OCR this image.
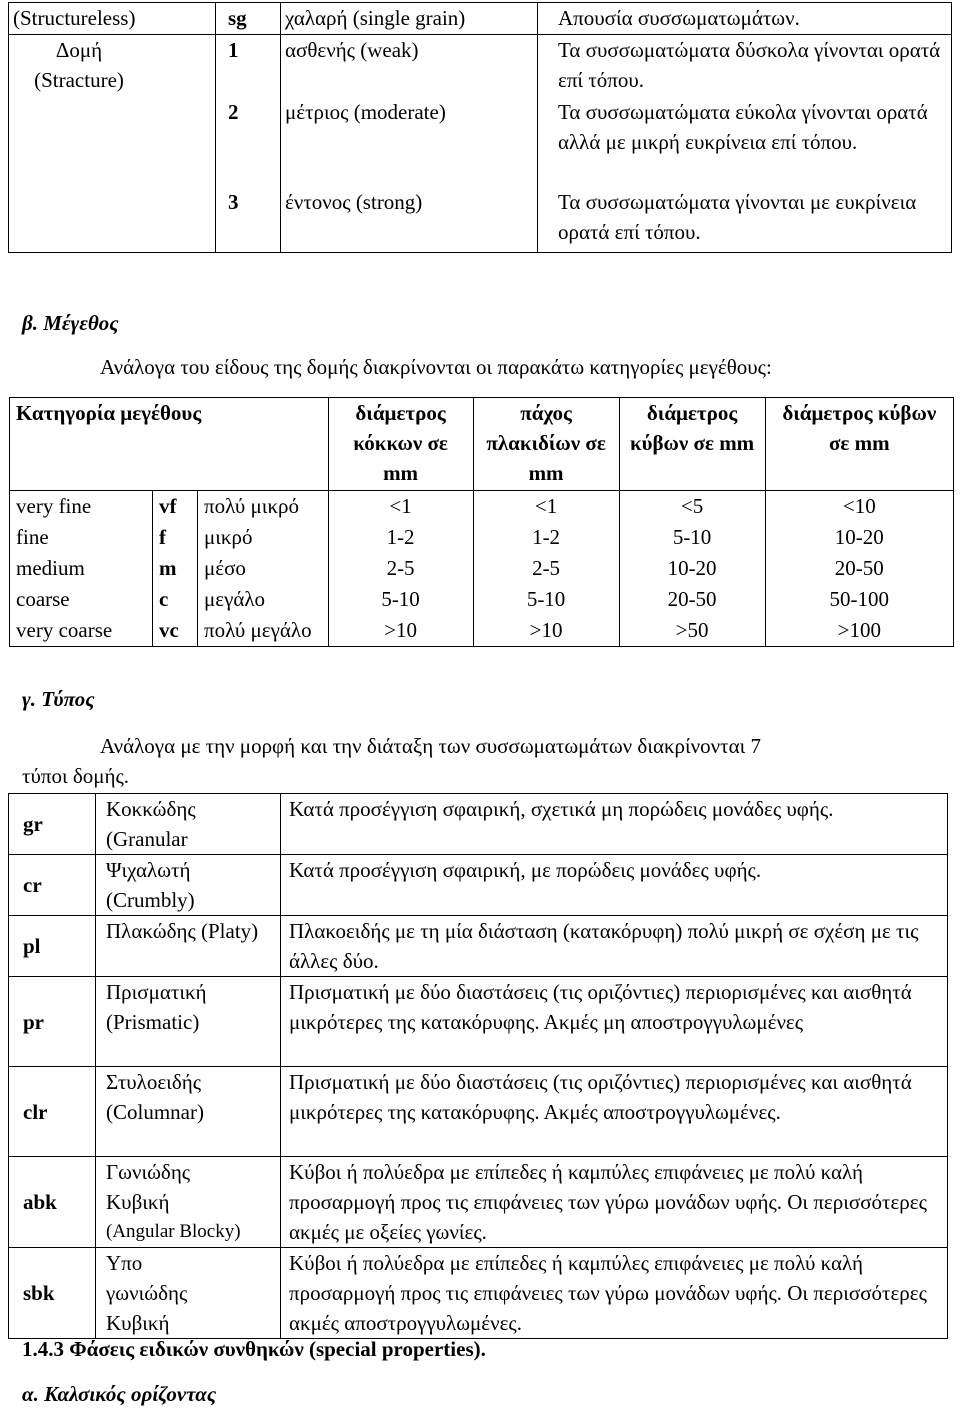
(Structureless)	sg	χαλαρή (single grain)	Απουσία συσσωματωμάτων.
Δομή (Stracture)	1	ασθενής (weak)	Τα συσσωματώματα δύσκολα γίνονται ορατά επί τόπου.
	2	μέτριος (moderate)	Τα συσσωματώματα εύκολα γίνονται ορατά αλλά με μικρή ευκρίνεια επί τόπου.
	3	έντονος (strong)	Τα συσσωματώματα γίνονται με ευκρίνεια ορατά επί τόπου.
β. Μέγεθος
Ανάλογα του είδους της δομής διακρίνονται οι παρακάτω κατηγορίες μεγέθους:
Κατηγορία μεγέθους			διάμετρος κόκκων σε mm	πάχος πλακιδίων σε mm	διάμετρος κύβων σε mm	διάμετρος κύβων σε mm
very fine	vf	πολύ μικρό	<1	<1	<5	<10
fine	f	μικρό	1-2	1-2	5-10	10-20
medium	m	μέσο	2-5	2-5	10-20	20-50
coarse	c	μεγάλο	5-10	5-10	20-50	50-100
very coarse	vc	πολύ μεγάλο	>10	>10	>50	>100
γ. Τύπος
Ανάλογα με την μορφή και την διάταξη των συσσωματωμάτων διακρίνονται 7
τύποι δομής.
gr	Κοκκώδης (Granular	Κατά προσέγγιση σφαιρική, σχετικά μη πορώδεις μονάδες υφής.
cr	Ψιχαλωτή (Crumbly)	Κατά προσέγγιση σφαιρική, με πορώδεις μονάδες υφής.
pl	Πλακώδης (Platy)	Πλακοειδής με τη μία διάσταση (κατακόρυφη) πολύ μικρή σε σχέση με τις άλλες δύο.
pr	Πρισματική (Prismatic)	Πρισματική με δύο διαστάσεις (τις οριζόντιες) περιορισμένες και αισθητά μικρότερες της κατακόρυφης. Ακμές μη αποστρογγυλωμένες
clr	Στυλοειδής (Columnar)	Πρισματική με δύο διαστάσεις (τις οριζόντιες) περιορισμένες και αισθητά μικρότερες της κατακόρυφης. Ακμές αποστρογγυλωμένες.
abk	Γωνιώδης
Κυβική
(Angular Blocky)	Κύβοι ή πολύεδρα με επίπεδες ή καμπύλες επιφάνειες με πολύ καλή προσαρμογή προς τις επιφάνειες των γύρω μονάδων υφής. Οι περισσότερες ακμές με οξείες γωνίες.
sbk	Υπο
γωνιώδης
Κυβική	Κύβοι ή πολύεδρα με επίπεδες ή καμπύλες επιφάνειες με πολύ καλή προσαρμογή προς τις επιφάνειες των γύρω μονάδων υφής. Οι περισσότερες ακμές αποστρογγυλωμένες.
1.4.3 Φάσεις ειδικών συνθηκών (special properties).
α. Καλσικός ορίζοντας
